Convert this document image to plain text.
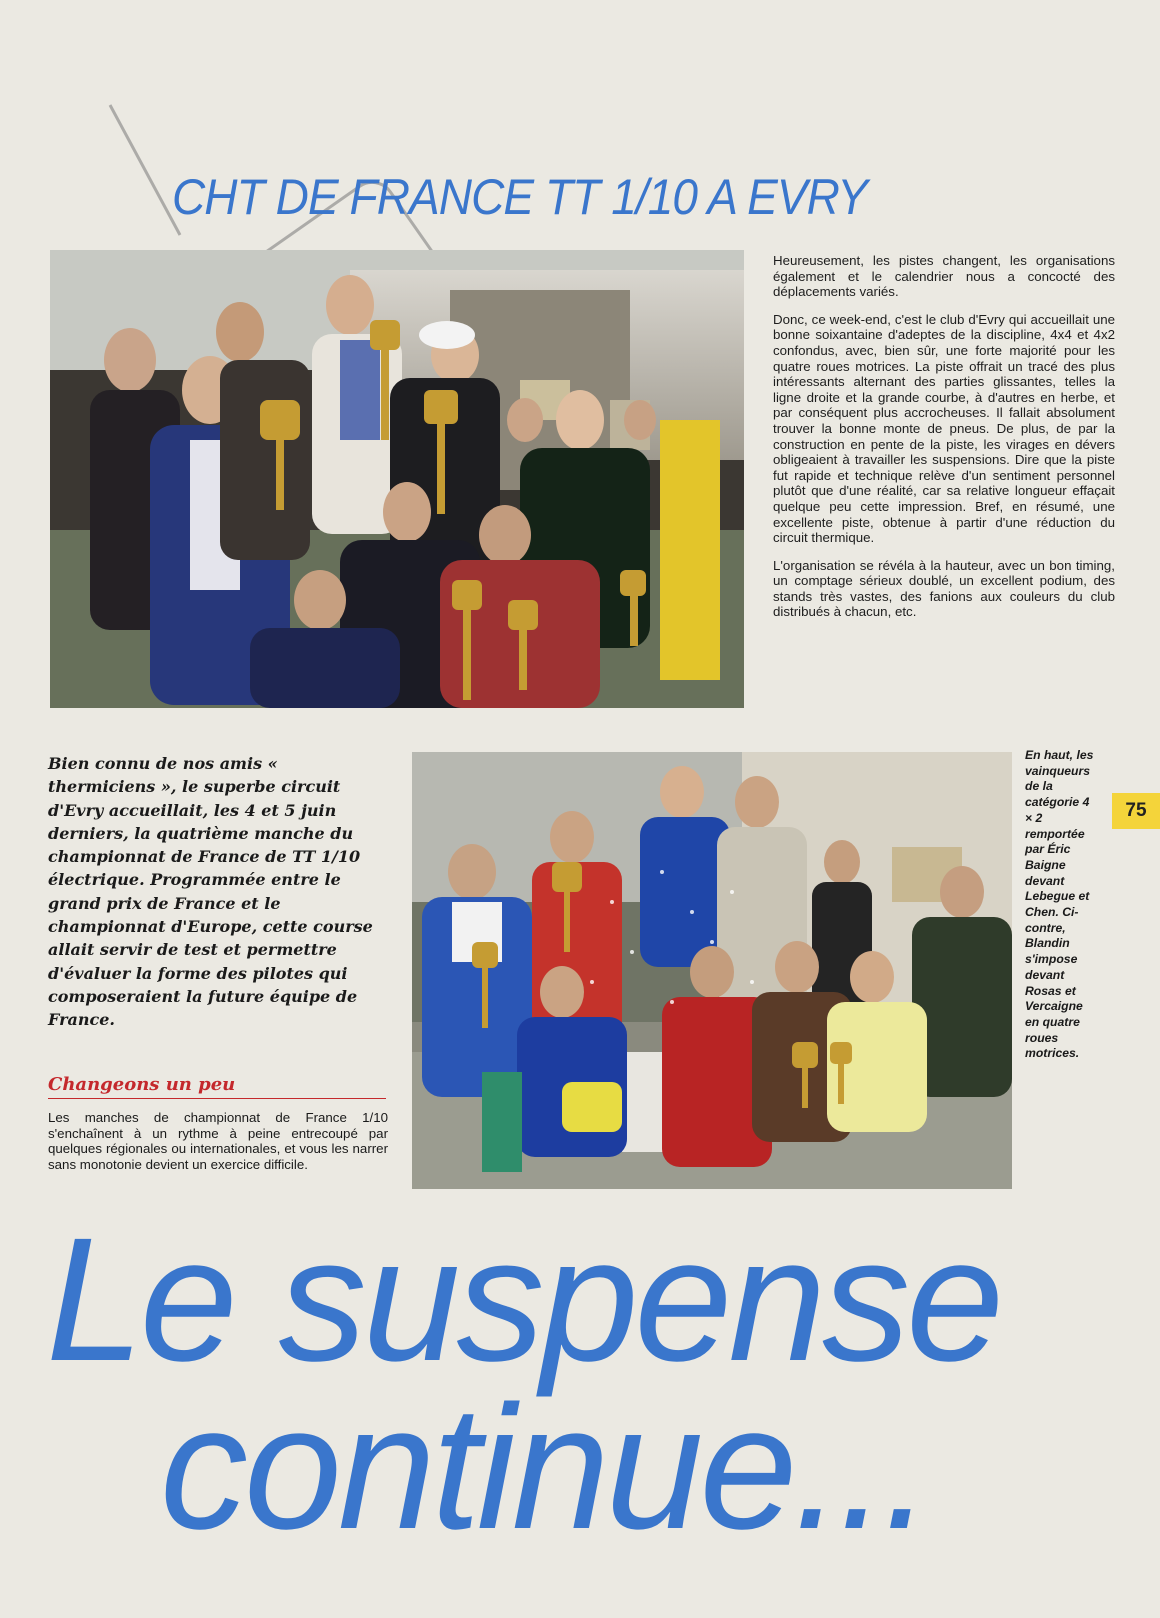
CHT DE FRANCE TT 1/10 A EVRY

Heureusement, les pistes changent, les organisations également et le calendrier nous a concocté des déplacements variés.

Donc, ce week-end, c'est le club d'Evry qui accueillait une bonne soixantaine d'adeptes de la discipline, 4x4 et 4x2 confondus, avec, bien sûr, une forte majorité pour les quatre roues motrices. La piste offrait un tracé des plus intéressants alternant des parties glissantes, telles la ligne droite et la grande courbe, à d'autres en herbe, et par conséquent plus accrocheuses. Il fallait absolument trouver la bonne monte de pneus. De plus, de par la construction en pente de la piste, les virages en dévers obligeaient à travailler les suspensions. Dire que la piste fut rapide et technique relève d'un sentiment personnel plutôt que d'une réalité, car sa relative longueur effaçait quelque peu cette impression. Bref, en résumé, une excellente piste, obtenue à partir d'une réduction du circuit thermique.

L'organisation se révéla à la hauteur, avec un bon timing, un comptage sérieux doublé, un excellent podium, des stands très vastes, des fanions aux couleurs du club distribués à chacun, etc.

Bien connu de nos amis « thermiciens », le superbe circuit d'Evry accueillait, les 4 et 5 juin derniers, la quatrième manche du championnat de France de TT 1/10 électrique. Programmée entre le grand prix de France et le championnat d'Europe, cette course allait servir de test et permettre d'évaluer la forme des pilotes qui composeraient la future équipe de France.
En haut, les vainqueurs de la catégorie 4 × 2 remportée par Éric Baigne devant Lebegue et Chen. Ci-contre, Blandin s'impose devant Rosas et Vercaigne en quatre roues motrices.
75
Changeons un peu
Les manches de championnat de France 1/10 s'enchaînent à un rythme à peine entrecoupé par quelques régionales ou internationales, et vous les narrer sans monotonie devient un exercice difficile.
Le suspense
continue...
